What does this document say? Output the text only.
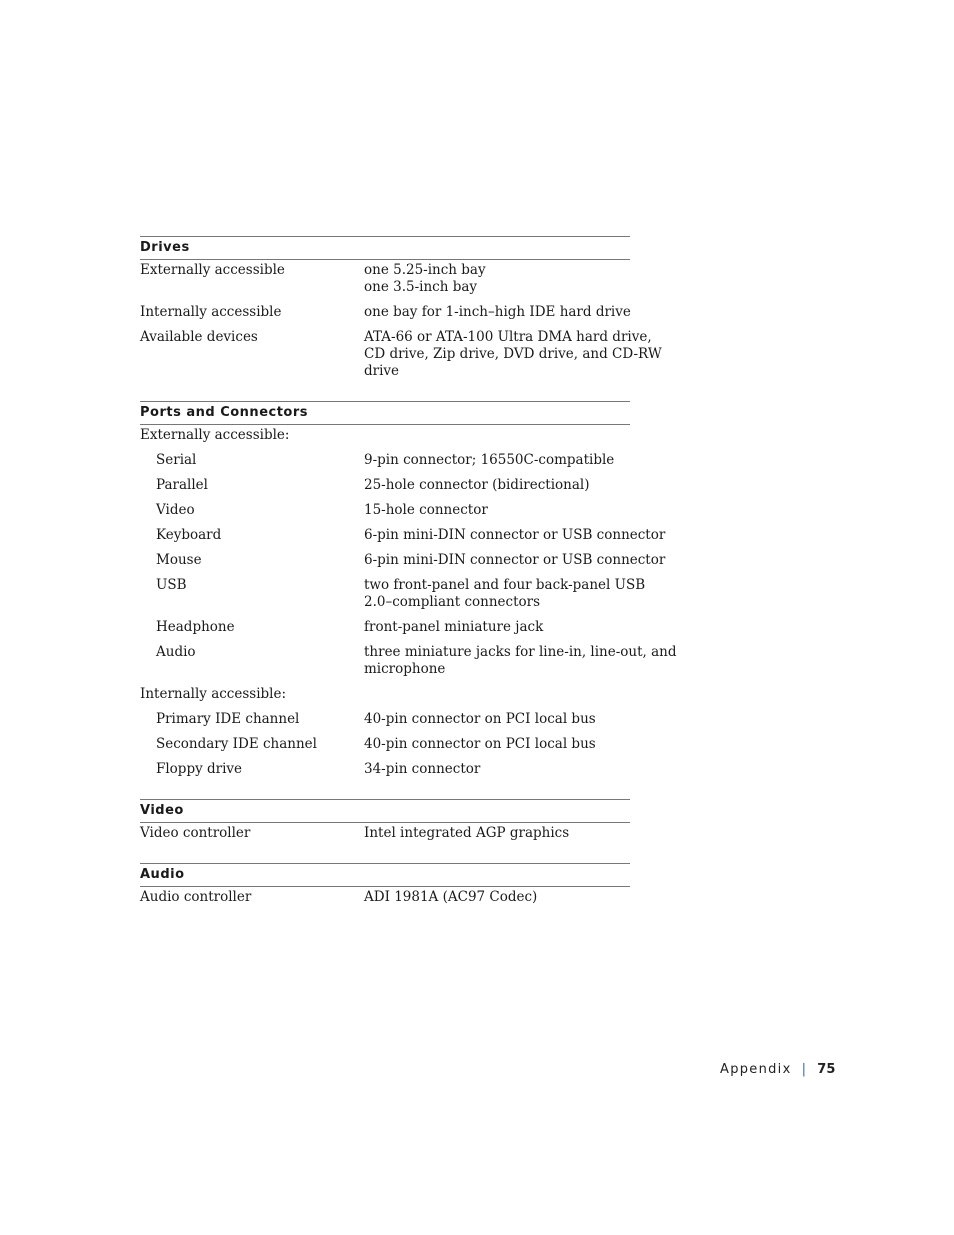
Drives
Externally accessible	one 5.25-inch bay
one 3.5-inch bay
Internally accessible	one bay for 1-inch–high IDE hard drive
Available devices	ATA-66 or ATA-100 Ultra DMA hard drive,
CD drive, Zip drive, DVD drive, and CD-RW
drive
Ports and Connectors
Externally accessible:
Serial	9-pin connector; 16550C-compatible
Parallel	25-hole connector (bidirectional)
Video	15-hole connector
Keyboard	6-pin mini-DIN connector or USB connector
Mouse	6-pin mini-DIN connector or USB connector
USB	two front-panel and four back-panel USB
2.0–compliant connectors
Headphone	front-panel miniature jack
Audio	three miniature jacks for line-in, line-out, and
microphone
Internally accessible:
Primary IDE channel	40-pin connector on PCI local bus
Secondary IDE channel	40-pin connector on PCI local bus
Floppy drive	34-pin connector
Video
Video controller	Intel integrated AGP graphics
Audio
Audio controller	ADI 1981A (AC97 Codec)
Appendix | 75
